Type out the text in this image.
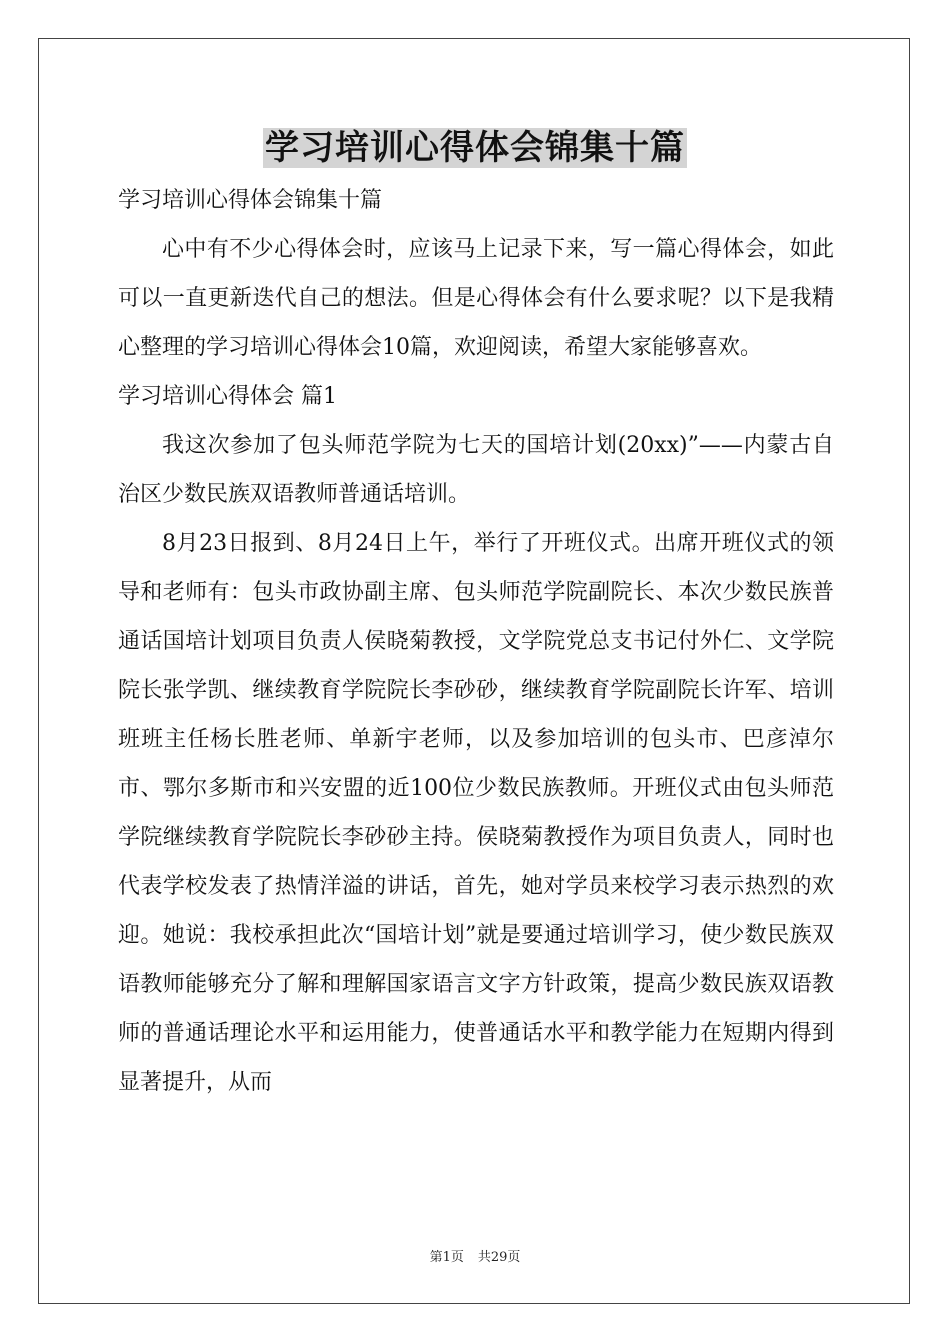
学习培训心得体会锦集十篇

学习培训心得体会锦集十篇

心中有不少心得体会时，应该马上记录下来，写一篇心得体会，如此可以一直更新迭代自己的想法。但是心得体会有什么要求呢？以下是我精心整理的学习培训心得体会10篇，欢迎阅读，希望大家能够喜欢。

学习培训心得体会 篇1

我这次参加了包头师范学院为七天的国培计划(20xx)”——内蒙古自治区少数民族双语教师普通话培训。

8月23日报到、8月24日上午，举行了开班仪式。出席开班仪式的领导和老师有：包头市政协副主席、包头师范学院副院长、本次少数民族普通话国培计划项目负责人侯晓菊教授，文学院党总支书记付外仁、文学院院长张学凯、继续教育学院院长李砂砂，继续教育学院副院长许军、培训班班主任杨长胜老师、单新宇老师，以及参加培训的包头市、巴彦淖尔市、鄂尔多斯市和兴安盟的近100位少数民族教师。开班仪式由包头师范学院继续教育学院院长李砂砂主持。侯晓菊教授作为项目负责人，同时也代表学校发表了热情洋溢的讲话，首先，她对学员来校学习表示热烈的欢迎。她说：我校承担此次“国培计划”就是要通过培训学习，使少数民族双语教师能够充分了解和理解国家语言文字方针政策，提高少数民族双语教师的普通话理论水平和运用能力，使普通话水平和教学能力在短期内得到显著提升，从而

第1页 共29页
